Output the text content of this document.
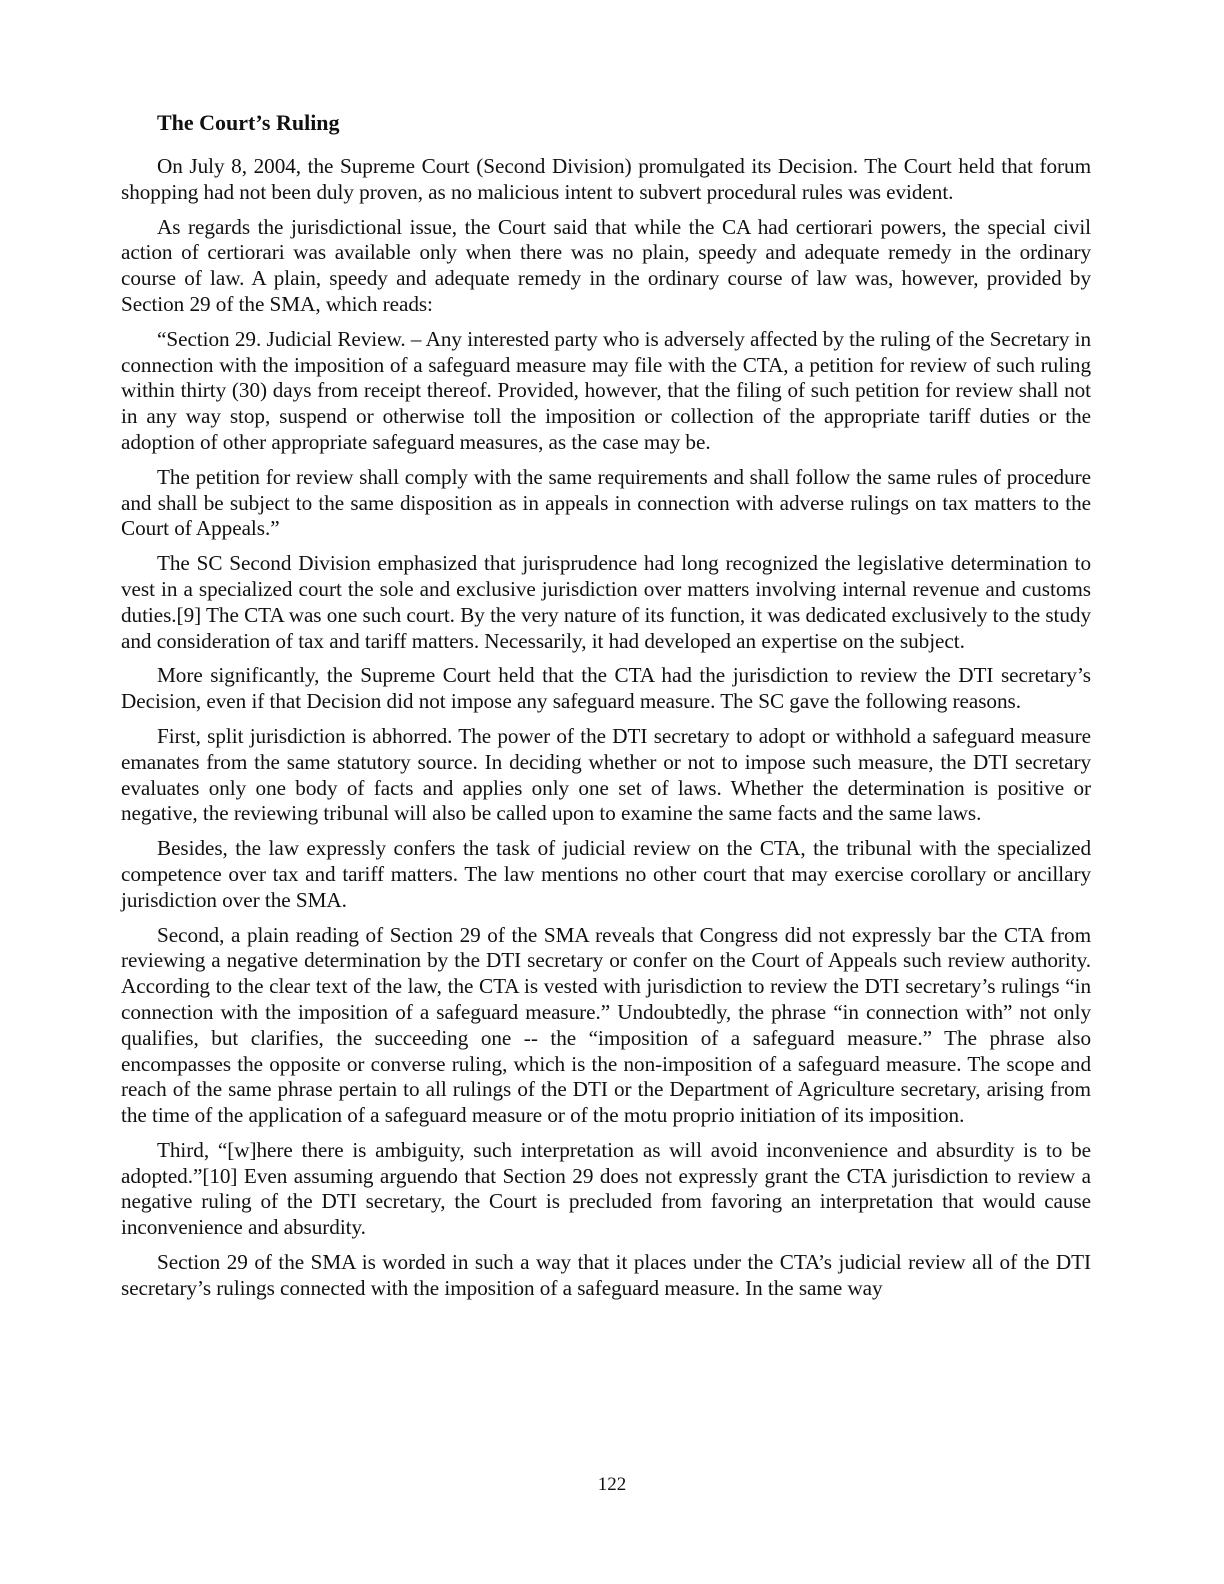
The Court’s Ruling

On July 8, 2004, the Supreme Court (Second Division) promulgated its Decision. The Court held that forum shopping had not been duly proven, as no malicious intent to subvert procedural rules was evident.

As regards the jurisdictional issue, the Court said that while the CA had certiorari powers, the special civil action of certiorari was available only when there was no plain, speedy and adequate remedy in the ordinary course of law. A plain, speedy and adequate remedy in the ordinary course of law was, however, provided by Section 29 of the SMA, which reads:

“Section 29. Judicial Review. – Any interested party who is adversely affected by the ruling of the Secretary in connection with the imposition of a safeguard measure may file with the CTA, a petition for review of such ruling within thirty (30) days from receipt thereof. Provided, however, that the filing of such petition for review shall not in any way stop, suspend or otherwise toll the imposition or collection of the appropriate tariff duties or the adoption of other appropriate safeguard measures, as the case may be.

The petition for review shall comply with the same requirements and shall follow the same rules of procedure and shall be subject to the same disposition as in appeals in connection with adverse rulings on tax matters to the Court of Appeals.”

The SC Second Division emphasized that jurisprudence had long recognized the legislative determination to vest in a specialized court the sole and exclusive jurisdiction over matters involving internal revenue and customs duties.[9] The CTA was one such court. By the very nature of its function, it was dedicated exclusively to the study and consideration of tax and tariff matters. Necessarily, it had developed an expertise on the subject.

More significantly, the Supreme Court held that the CTA had the jurisdiction to review the DTI secretary’s Decision, even if that Decision did not impose any safeguard measure. The SC gave the following reasons.

First, split jurisdiction is abhorred. The power of the DTI secretary to adopt or withhold a safeguard measure emanates from the same statutory source. In deciding whether or not to impose such measure, the DTI secretary evaluates only one body of facts and applies only one set of laws. Whether the determination is positive or negative, the reviewing tribunal will also be called upon to examine the same facts and the same laws.

Besides, the law expressly confers the task of judicial review on the CTA, the tribunal with the specialized competence over tax and tariff matters. The law mentions no other court that may exercise corollary or ancillary jurisdiction over the SMA.

Second, a plain reading of Section 29 of the SMA reveals that Congress did not expressly bar the CTA from reviewing a negative determination by the DTI secretary or confer on the Court of Appeals such review authority. According to the clear text of the law, the CTA is vested with jurisdiction to review the DTI secretary’s rulings “in connection with the imposition of a safeguard measure.” Undoubtedly, the phrase “in connection with” not only qualifies, but clarifies, the succeeding one -- the “imposition of a safeguard measure.” The phrase also encompasses the opposite or converse ruling, which is the non-imposition of a safeguard measure. The scope and reach of the same phrase pertain to all rulings of the DTI or the Department of Agriculture secretary, arising from the time of the application of a safeguard measure or of the motu proprio initiation of its imposition.

Third, “[w]here there is ambiguity, such interpretation as will avoid inconvenience and absurdity is to be adopted.”[10] Even assuming arguendo that Section 29 does not expressly grant the CTA jurisdiction to review a negative ruling of the DTI secretary, the Court is precluded from favoring an interpretation that would cause inconvenience and absurdity.

Section 29 of the SMA is worded in such a way that it places under the CTA’s judicial review all of the DTI secretary’s rulings connected with the imposition of a safeguard measure. In the same way

122
